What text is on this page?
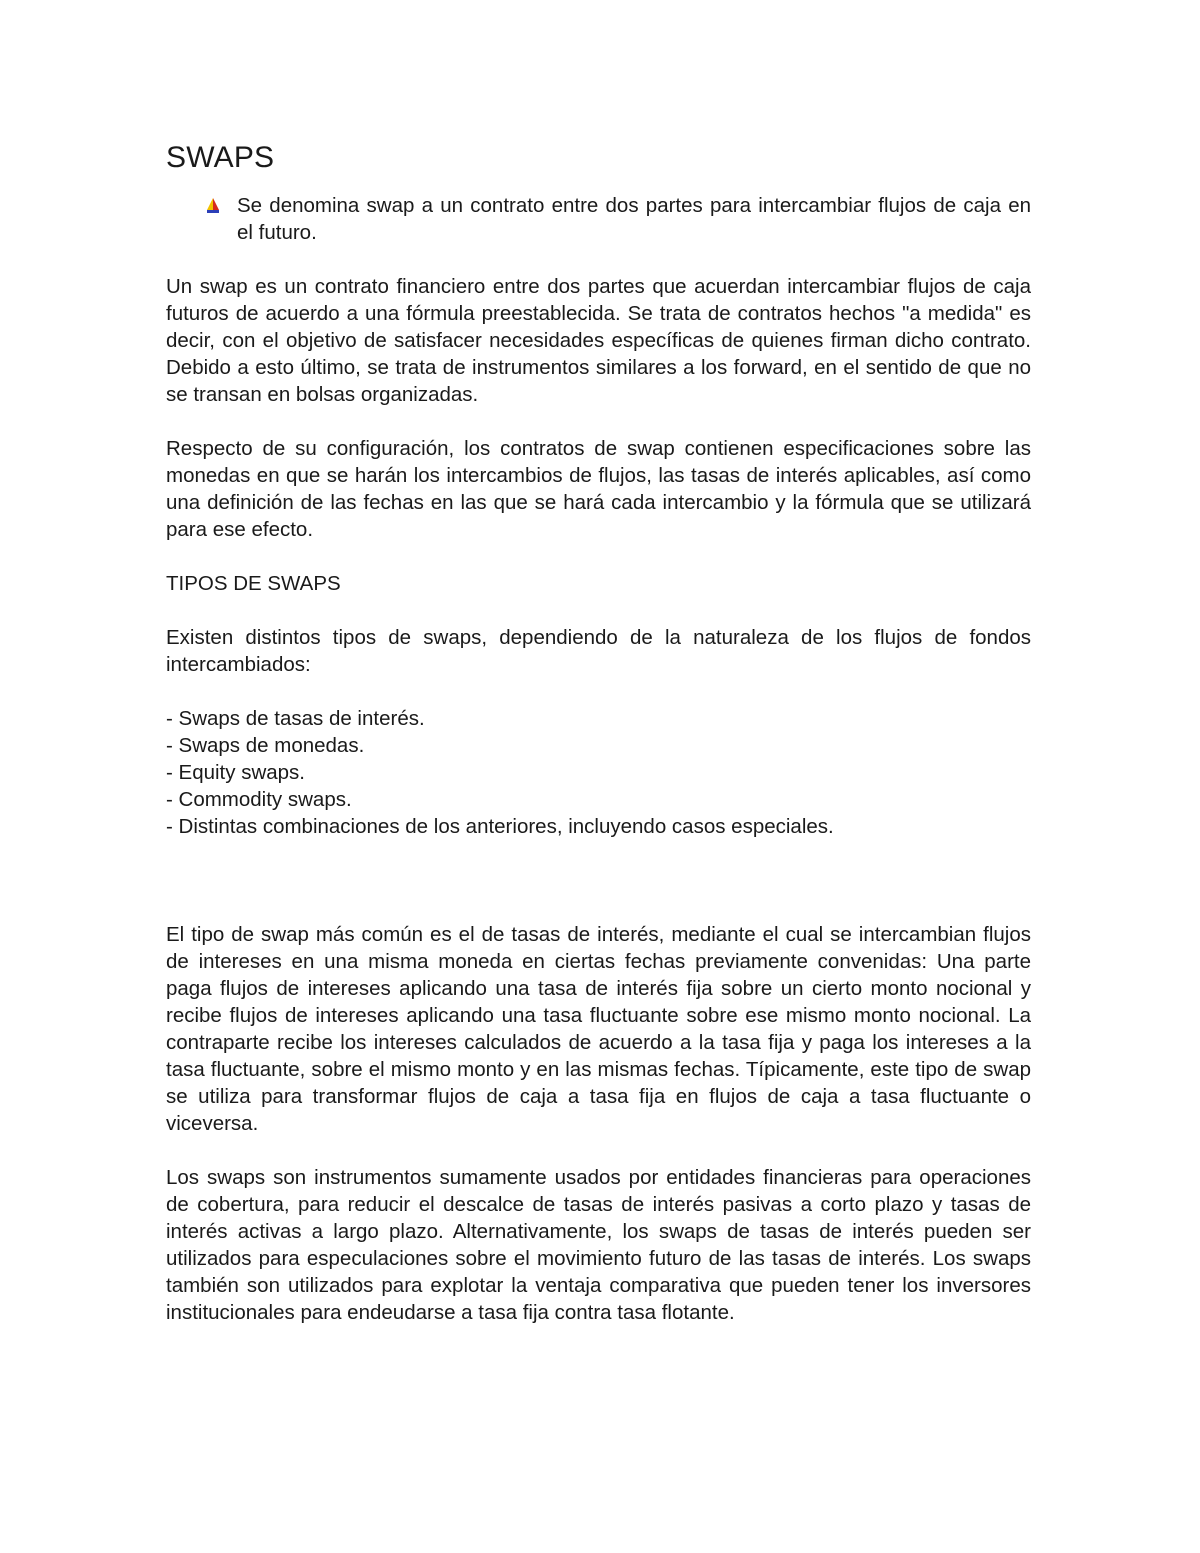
SWAPS
Se denomina swap a un contrato entre dos partes para intercambiar flujos de caja en el futuro.

Un swap es un contrato financiero entre dos partes que acuerdan intercambiar flujos de caja futuros de acuerdo a una fórmula preestablecida. Se trata de contratos hechos "a medida" es decir, con el objetivo de satisfacer necesidades específicas de quienes firman dicho contrato. Debido a esto último, se trata de instrumentos similares a los forward, en el sentido de que no se transan en bolsas organizadas.

Respecto de su configuración, los contratos de swap contienen especificaciones sobre las monedas en que se harán los intercambios de flujos, las tasas de interés aplicables, así como una definición de las fechas en las que se hará cada intercambio y la fórmula que se utilizará para ese efecto.

TIPOS DE SWAPS

Existen distintos tipos de swaps, dependiendo de la naturaleza de los flujos de fondos intercambiados:

- Swaps de tasas de interés.
- Swaps de monedas.
- Equity swaps.
- Commodity swaps.
- Distintas combinaciones de los anteriores, incluyendo casos especiales.

El tipo de swap más común es el de tasas de interés, mediante el cual se intercambian flujos de intereses en una misma moneda en ciertas fechas previamente convenidas: Una parte paga flujos de intereses aplicando una tasa de interés fija sobre un cierto monto nocional y recibe flujos de intereses aplicando una tasa fluctuante sobre ese mismo monto nocional. La contraparte recibe los intereses calculados de acuerdo a la tasa fija y paga los intereses a la tasa fluctuante, sobre el mismo monto y en las mismas fechas. Típicamente, este tipo de swap se utiliza para transformar flujos de caja a tasa fija en flujos de caja a tasa fluctuante o viceversa.

Los swaps son instrumentos sumamente usados por entidades financieras para operaciones de cobertura, para reducir el descalce de tasas de interés pasivas a corto plazo y tasas de interés activas a largo plazo. Alternativamente, los swaps de tasas de interés pueden ser utilizados para especulaciones sobre el movimiento futuro de las tasas de interés. Los swaps también son utilizados para explotar la ventaja comparativa que pueden tener los inversores institucionales para endeudarse a tasa fija contra tasa flotante.
